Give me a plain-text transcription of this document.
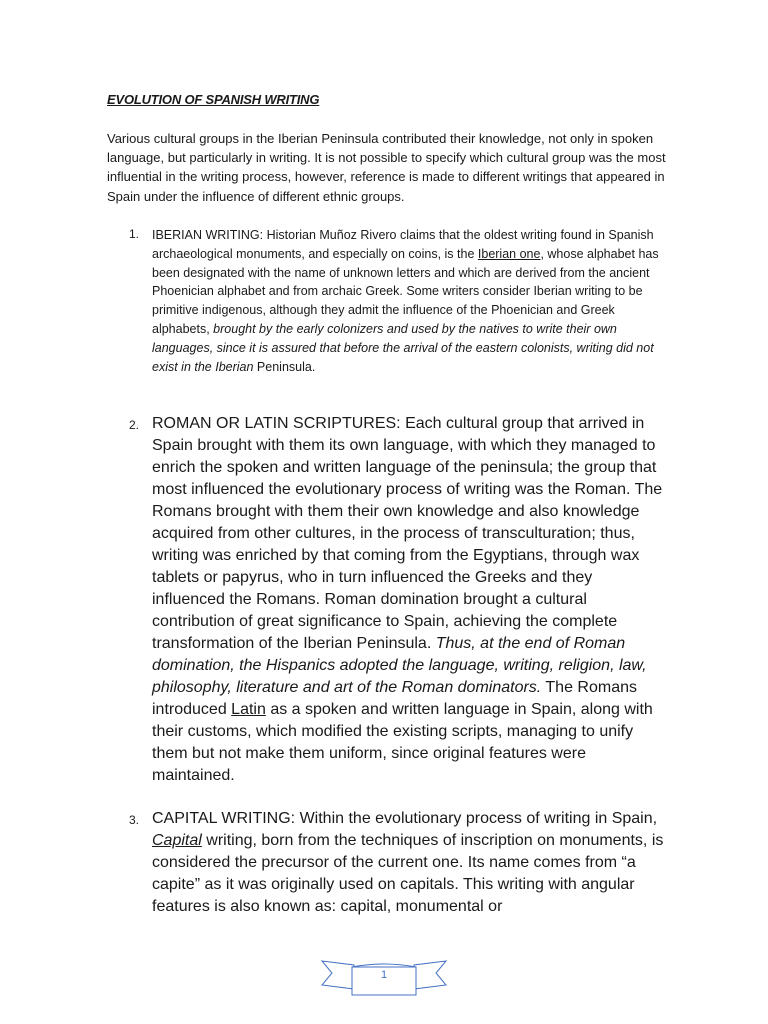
EVOLUTION OF SPANISH WRITING

Various cultural groups in the Iberian Peninsula contributed their knowledge, not only in spoken language, but particularly in writing. It is not possible to specify which cultural group was the most influential in the writing process, however, reference is made to different writings that appeared in Spain under the influence of different ethnic groups.

1. IBERIAN WRITING: Historian Muñoz Rivero claims that the oldest writing found in Spanish archaeological monuments, and especially on coins, is the Iberian one, whose alphabet has been designated with the name of unknown letters and which are derived from the ancient Phoenician alphabet and from archaic Greek. Some writers consider Iberian writing to be primitive indigenous, although they admit the influence of the Phoenician and Greek alphabets, brought by the early colonizers and used by the natives to write their own languages, since it is assured that before the arrival of the eastern colonists, writing did not exist in the Iberian Peninsula.

2. ROMAN OR LATIN SCRIPTURES: Each cultural group that arrived in Spain brought with them its own language, with which they managed to enrich the spoken and written language of the peninsula; the group that most influenced the evolutionary process of writing was the Roman. The Romans brought with them their own knowledge and also knowledge acquired from other cultures, in the process of transculturation; thus, writing was enriched by that coming from the Egyptians, through wax tablets or papyrus, who in turn influenced the Greeks and they influenced the Romans. Roman domination brought a cultural contribution of great significance to Spain, achieving the complete transformation of the Iberian Peninsula. Thus, at the end of Roman domination, the Hispanics adopted the language, writing, religion, law, philosophy, literature and art of the Roman dominators. The Romans introduced Latin as a spoken and written language in Spain, along with their customs, which modified the existing scripts, managing to unify them but not make them uniform, since original features were maintained.

3. CAPITAL WRITING: Within the evolutionary process of writing in Spain, Capital writing, born from the techniques of inscription on monuments, is considered the precursor of the current one. Its name comes from “a capite” as it was originally used on capitals. This writing with angular features is also known as: capital, monumental or

1
